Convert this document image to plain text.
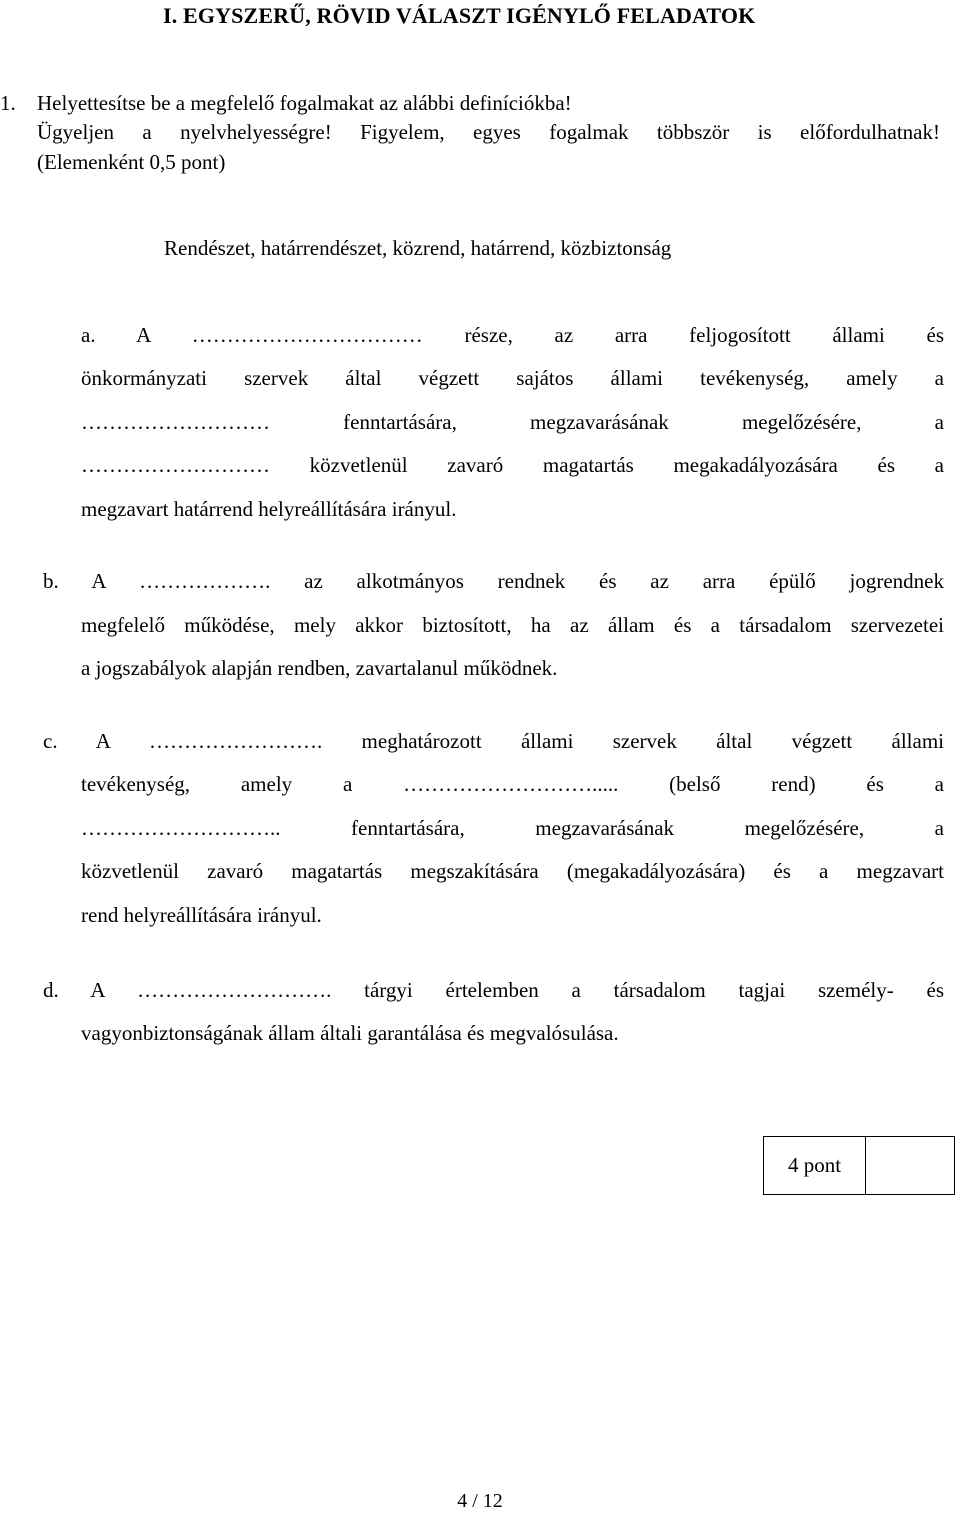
I. EGYSZERŰ, RÖVID VÁLASZT IGÉNYLŐ FELADATOK
1. Helyettesítse be a megfelelő fogalmakat az alábbi definíciókba!
Ügyeljen a nyelvhelyességre! Figyelem, egyes fogalmak többször is előfordulhatnak!
(Elemenként 0,5 pont)
Rendészet, határrendészet, közrend, határrend, közbiztonság
a. A …………………………… része, az arra feljogosított állami és
önkormányzati szervek által végzett sajátos állami tevékenység, amely a
……………………… fenntartására, megzavarásának megelőzésére, a
……………………… közvetlenül zavaró magatartás megakadályozására és a
megzavart határrend helyreállítására irányul.
b. A ………………. az alkotmányos rendnek és az arra épülő jogrendnek
megfelelő működése, mely akkor biztosított, ha az állam és a társadalom szervezetei
a jogszabályok alapján rendben, zavartalanul működnek.
c. A ……………………. meghatározott állami szervek által végzett állami
tevékenység, amely a ………………………..... (belső rend) és a
……………………….. fenntartására, megzavarásának megelőzésére, a
közvetlenül zavaró magatartás megszakítására (megakadályozására) és a megzavart
rend helyreállítására irányul.
d. A ………………………. tárgyi értelemben a társadalom tagjai személy- és
vagyonbiztonságának állam általi garantálása és megvalósulása.
4 pont
4 / 12
